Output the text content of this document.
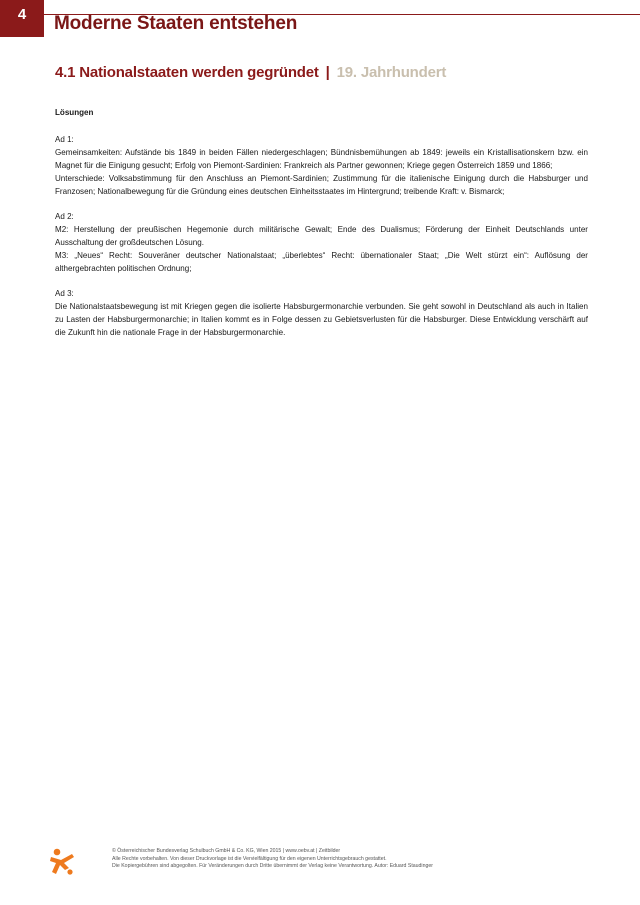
4	Moderne Staaten entstehen
4.1 Nationalstaaten werden gegründet | 19. Jahrhundert
Lösungen

Ad 1:

Gemeinsamkeiten: Aufstände bis 1849 in beiden Fällen niedergeschlagen; Bündnisbemühungen ab 1849: jeweils ein Kristallisationskern bzw. ein Magnet für die Einigung gesucht; Erfolg von Piemont-Sardinien: Frankreich als Partner gewonnen; Kriege gegen Österreich 1859 und 1866;

Unterschiede: Volksabstimmung für den Anschluss an Piemont-Sardinien; Zustimmung für die italienische Einigung durch die Habsburger und Franzosen; Nationalbewegung für die Gründung eines deutschen Einheitsstaates im Hintergrund; treibende Kraft: v. Bismarck;

Ad 2:

M2: Herstellung der preußischen Hegemonie durch militärische Gewalt; Ende des Dualismus; Förderung der Einheit Deutschlands unter Ausschaltung der großdeutschen Lösung.

M3: „Neues“ Recht: Souveräner deutscher Nationalstaat; „überlebtes“ Recht: übernationaler Staat; „Die Welt stürzt ein“: Auflösung der althergebrachten politischen Ordnung;

Ad 3:

Die Nationalstaatsbewegung ist mit Kriegen gegen die isolierte Habsburgermonarchie verbunden. Sie geht sowohl in Deutschland als auch in Italien zu Lasten der Habsburgermonarchie; in Italien kommt es in Folge dessen zu Gebietsverlusten für die Habsburger. Diese Entwicklung verschärft auf die Zukunft hin die nationale Frage in der Habsburgermonarchie.

© Österreichischer Bundesverlag Schulbuch GmbH & Co. KG, Wien 2015 | www.oebv.at | Zeitbilder
Alle Rechte vorbehalten. Von dieser Druckvorlage ist die Vervielfältigung für den eigenen Unterrichtsgebrauch gestattet.
Die Kopiergebühren sind abgegolten. Für Veränderungen durch Dritte übernimmt der Verlag keine Verantwortung. Autor: Eduard Staudinger
